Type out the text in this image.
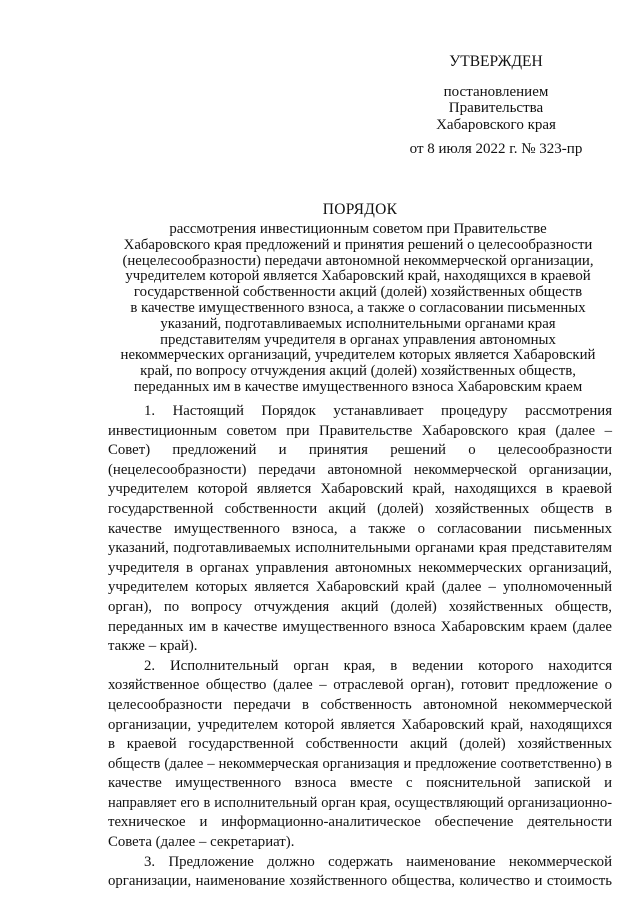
УТВЕРЖДЕН
постановлением
Правительства
Хабаровского края
от 8 июля 2022 г. № 323-пр
ПОРЯДОК
рассмотрения инвестиционным советом при Правительстве
Хабаровского края предложений и принятия решений о целесообразности
(нецелесообразности) передачи автономной некоммерческой организации,
учредителем которой является Хабаровский край, находящихся в краевой
государственной собственности акций (долей) хозяйственных обществ
в качестве имущественного взноса, а также о согласовании письменных
указаний, подготавливаемых исполнительными органами края
представителям учредителя в органах управления автономных
некоммерческих организаций, учредителем которых является Хабаровский
край, по вопросу отчуждения акций (долей) хозяйственных обществ,
переданных им в качестве имущественного взноса Хабаровским краем
1. Настоящий Порядок устанавливает процедуру рассмотрения
инвестиционным советом при Правительстве Хабаровского края (далее –
Совет) предложений и принятия решений о целесообразности
(нецелесообразности) передачи автономной некоммерческой организации,
учредителем которой является Хабаровский край, находящихся в краевой
государственной собственности акций (долей) хозяйственных обществ в
качестве имущественного взноса, а также о согласовании письменных
указаний, подготавливаемых исполнительными органами края представителям
учредителя в органах управления автономных некоммерческих организаций,
учредителем которых является Хабаровский край (далее – уполномоченный
орган), по вопросу отчуждения акций (долей) хозяйственных обществ,
переданных им в качестве имущественного взноса Хабаровским краем (далее
также – край).
2. Исполнительный орган края, в ведении которого находится
хозяйственное общество (далее – отраслевой орган), готовит предложение о
целесообразности передачи в собственность автономной некоммерческой
организации, учредителем которой является Хабаровский край, находящихся
в краевой государственной собственности акций (долей) хозяйственных
обществ (далее – некоммерческая организация и предложение соответственно) в
качестве имущественного взноса вместе с пояснительной запиской и
направляет его в исполнительный орган края, осуществляющий организационно-
техническое и информационно-аналитическое обеспечение деятельности
Совета (далее – секретариат).
3. Предложение должно содержать наименование некоммерческой
организации, наименование хозяйственного общества, количество и стоимость
